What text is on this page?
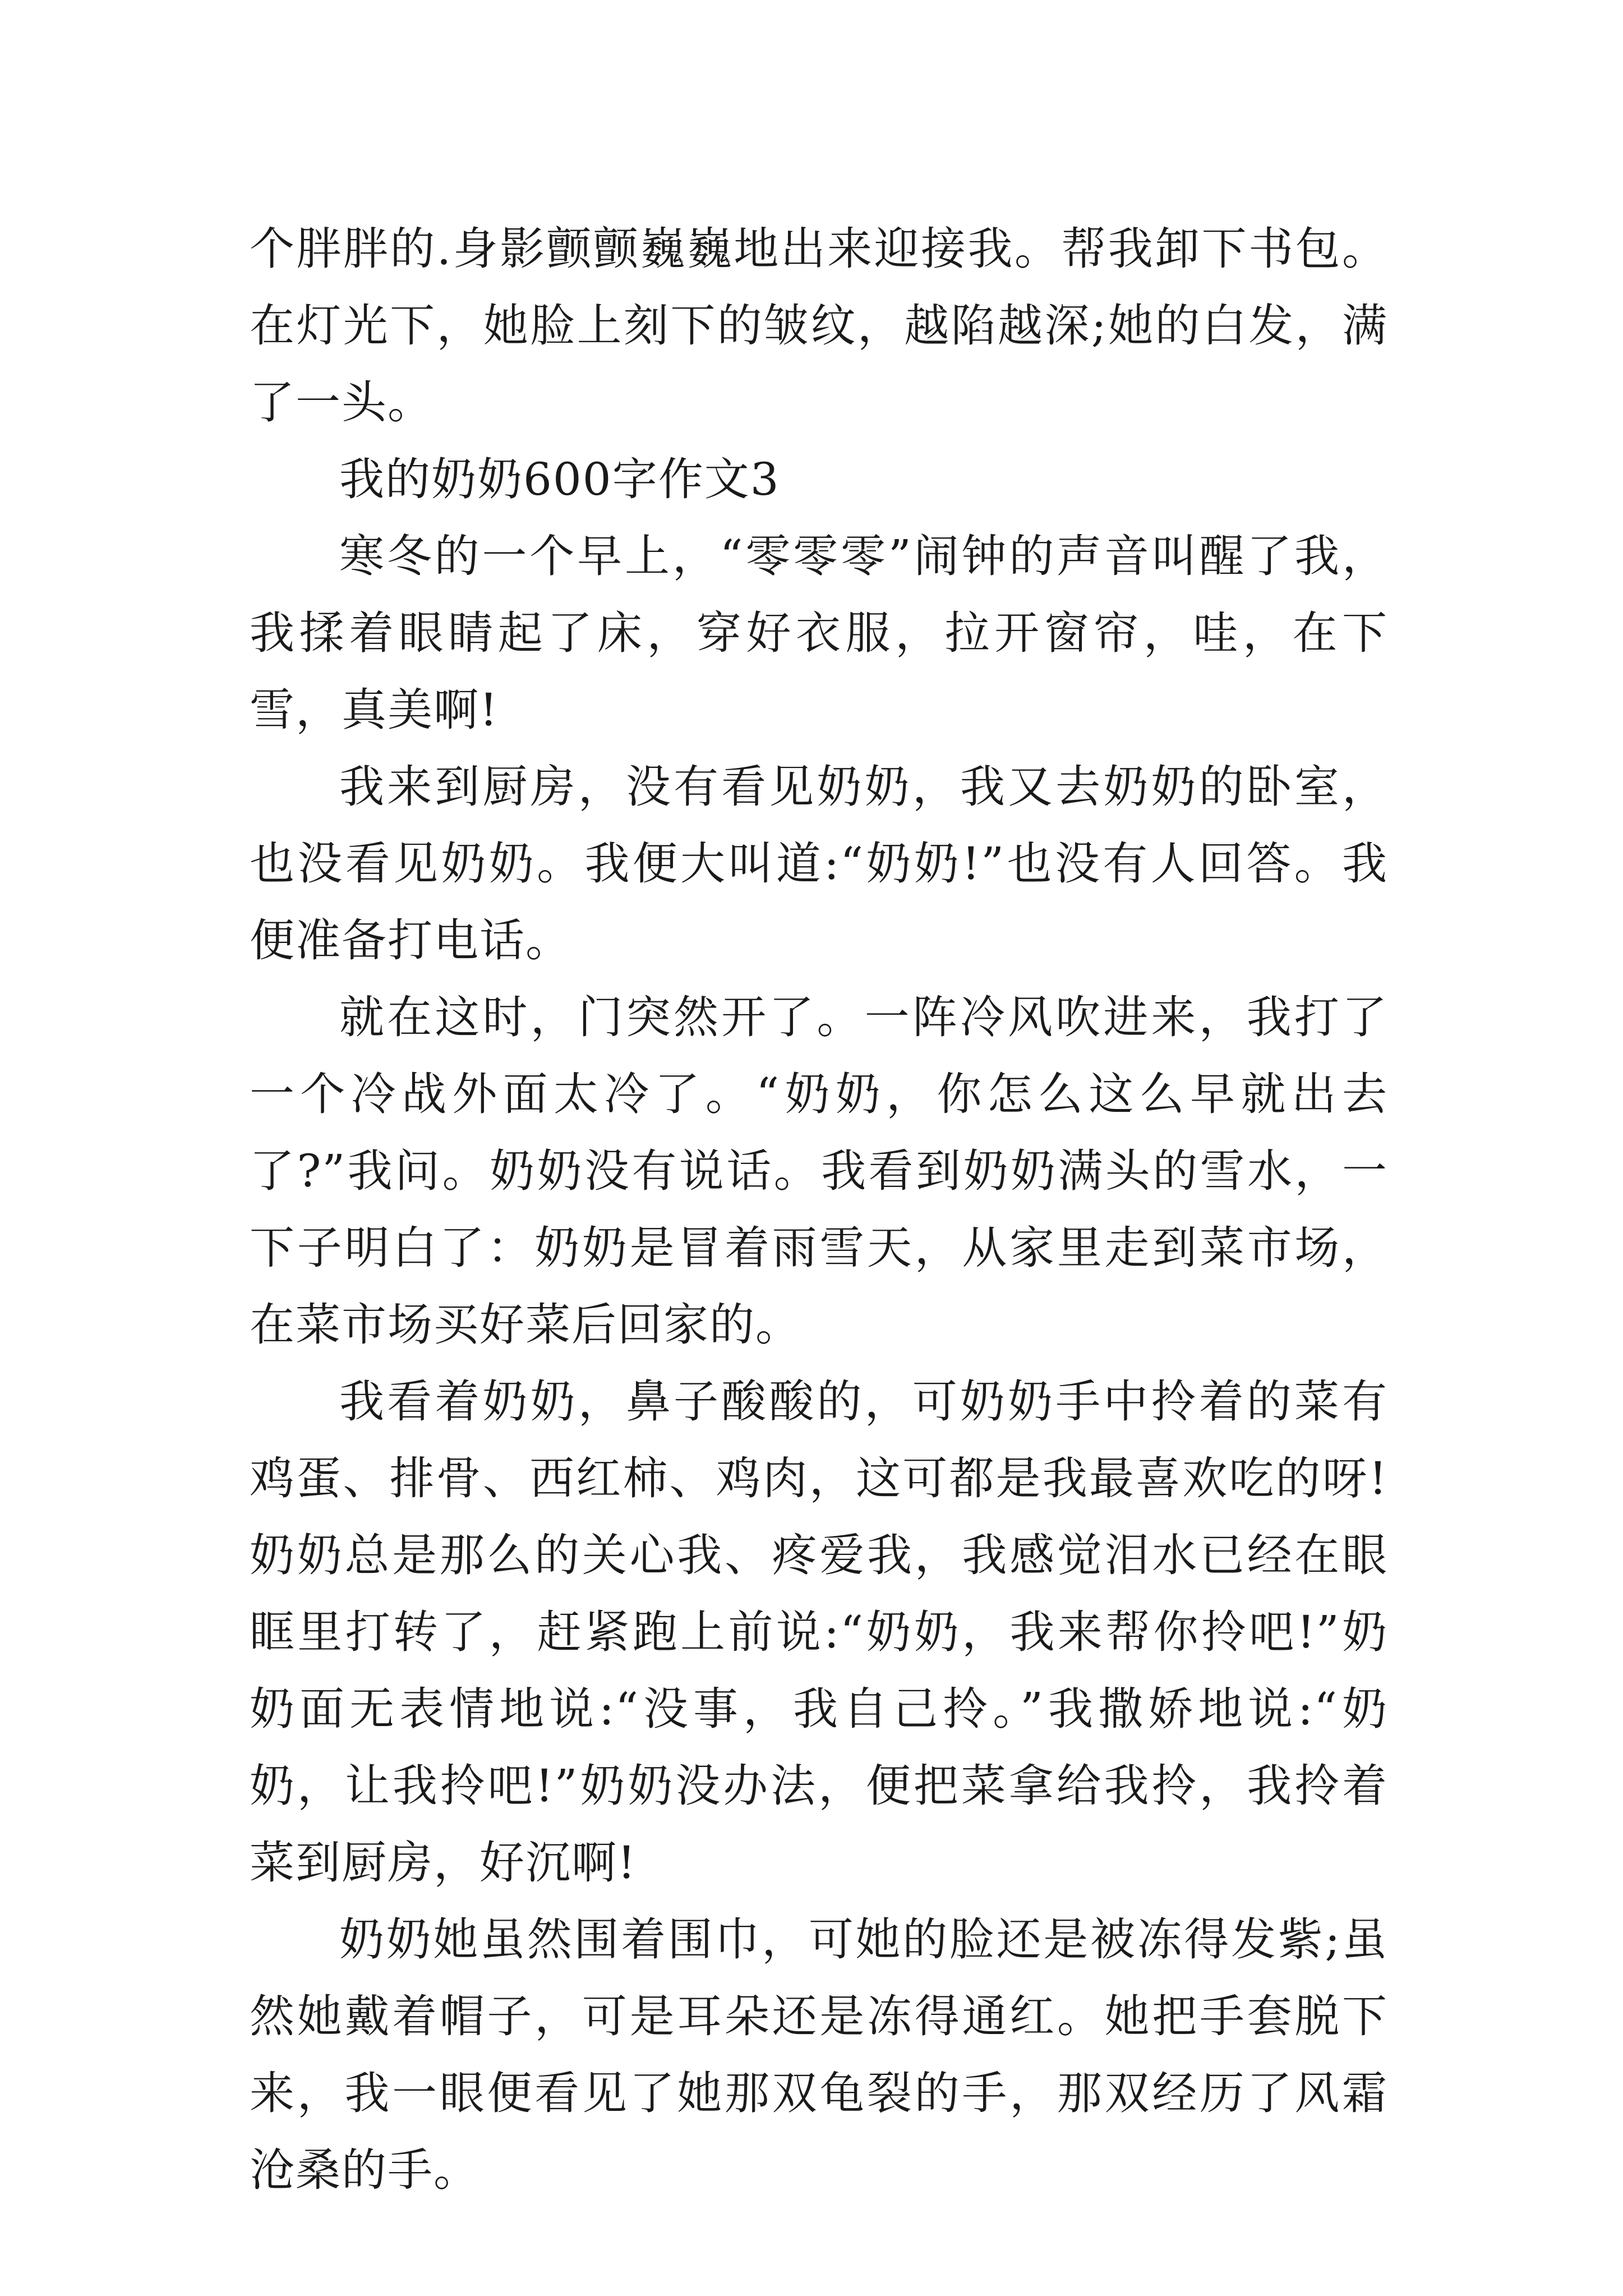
个胖胖的.身影颤颤巍巍地出来迎接我。帮我卸下书包。在灯光下，她脸上刻下的皱纹，越陷越深;她的白发，满了一头。

我的奶奶600字作文3

寒冬的一个早上，“零零零”闹钟的声音叫醒了我，我揉着眼睛起了床，穿好衣服，拉开窗帘，哇，在下雪，真美啊!

我来到厨房，没有看见奶奶，我又去奶奶的卧室，也没看见奶奶。我便大叫道:“奶奶!”也没有人回答。我便准备打电话。

就在这时，门突然开了。一阵冷风吹进来，我打了一个冷战外面太冷了。“奶奶，你怎么这么早就出去了?”我问。奶奶没有说话。我看到奶奶满头的雪水，一下子明白了：奶奶是冒着雨雪天，从家里走到菜市场，在菜市场买好菜后回家的。

我看着奶奶，鼻子酸酸的，可奶奶手中拎着的菜有鸡蛋、排骨、西红柿、鸡肉，这可都是我最喜欢吃的呀!奶奶总是那么的关心我、疼爱我，我感觉泪水已经在眼眶里打转了，赶紧跑上前说:“奶奶，我来帮你拎吧!”奶奶面无表情地说:“没事，我自己拎。”我撒娇地说:“奶奶，让我拎吧!”奶奶没办法，便把菜拿给我拎，我拎着菜到厨房，好沉啊!

奶奶她虽然围着围巾，可她的脸还是被冻得发紫;虽然她戴着帽子，可是耳朵还是冻得通红。她把手套脱下来，我一眼便看见了她那双龟裂的手，那双经历了风霜沧桑的手。
